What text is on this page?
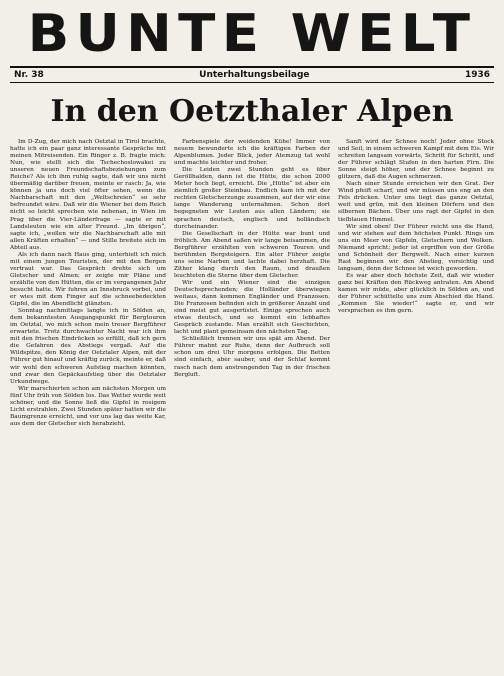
BUNTE WELT
Nr. 38	Unterhaltungsbeilage	1936
In den Oetzthaler Alpen

Im D-Zug, der mich nach Oetztal in Tirol brachte, hatte ich ein paar ganz interessante Gespräche mit meinen Mitreisenden. Ein Ringer z. B. fragte mich: Nun, wie stellt sich die Tschechoslowakei zu unseren neuen Freundschaftsbeziehungen zum Reiche? Als ich ihm ruhig sagte, daß wir uns nicht übermäßig darüber freuen, meinte er rasch: Ja, wie können ja uns doch viel öfter sehen, wenn die Nachbarschaft mit den „Weltschreien“ so sehr befreundet wäre. Daß wir die Wiener bei dem Reich nicht so leicht sprechen wie nebenan, in Wien im Prag über die Vier-Länderfrage — sagte er mit Landsleuten wie ein alter Freund. „Im übrigen“, sagte ich, „wollen wir die Nachbarschaft alle mit allen Kräften erhalten“ — und Stille breitete sich im Abteil aus.

Als ich dann nach Haus ging, unterhielt ich mich mit einem jungen Touristen, der mit den Bergen vertraut war. Das Gespräch drehte sich um Gletscher und Almen; er zeigte mir Pläne und erzählte von den Hütten, die er im vergangenen Jahr besucht hatte. Wir fuhren an Innsbruck vorbei, und er wies mit dem Finger auf die schneebedeckten Gipfel, die im Abendlicht glänzten.

Sonntag nachmittags langte ich in Sölden an, dem bekanntesten Ausgangspunkt für Bergtouren im Oetztal, wo mich schon mein treuer Bergführer erwartete. Trotz durchwachter Nacht war ich ihm mit den frischen Eindrücken so erfüllt, daß ich gern die Gefahren des Abstiegs vergaß. Auf die Wildspitze, den König der Oetztaler Alpen, mit der Führer gut hinauf und kräftig zurück, meinte er, daß wir wohl den schweren Aufstieg machen könnten, und zwar den Gepäckaufstieg über die Oetztaler Urkundwege.

Wir marschierten schon am nächsten Morgen um fünf Uhr früh von Sölden los. Das Wetter wurde weit schöner, und die Sonne ließ die Gipfel in rosigem Licht erstrahlen. Zwei Stunden später hatten wir die Baumgrenze erreicht, und vor uns lag das weite Kar, aus dem der Gletscher sich herabzieht.

Farbenspiele der weidenden Kühe! Immer von neuem bewunderte ich die kräftigen Farben der Alpenblumen. Jeder Blick, jeder Atemzug tat wohl und machte leichter und froher.

Die Leiden zwei Stunden geht es über Geröllhalden, dann ist die Hütte, die schon 2000 Meter hoch liegt, erreicht. Die „Hütte“ ist aber ein ziemlich großer Steinbau. Endlich kam ich mit der rechten Gletscherzunge zusammen, auf der wir eine lange Wanderung unternahmen. Schon dort begegneten wir Leuten aus allen Ländern; sie sprachen deutsch, englisch und holländisch durcheinander.

Die Gesellschaft in der Hütte war bunt und fröhlich. Am Abend saßen wir lange beisammen, die Bergführer erzählten von schweren Touren und berühmten Bergsteigern. Ein alter Führer zeigte uns seine Narben und lachte dabei herzhaft. Die Zither klang durch den Raum, und draußen leuchteten die Sterne über dem Gletscher.

Wir und ein Wiener sind die einzigen Deutschsprechenden; die Holländer überwiegen weitaus, dann kommen Engländer und Franzosen. Die Franzosen befinden sich in größerer Anzahl und sind meist gut ausgerüstet. Einige sprechen auch etwas deutsch, und so kommt ein lebhaftes Gespräch zustande. Man erzählt sich Geschichten, lacht und plant gemeinsam den nächsten Tag.

Schließlich trennen wir uns spät am Abend. Der Führer mahnt zur Ruhe, denn der Aufbruch soll schon um drei Uhr morgens erfolgen. Die Betten sind einfach, aber sauber, und der Schlaf kommt rasch nach dem anstrengenden Tag in der frischen Bergluft.

Sanft wird der Schnee noch! Jeder ohne Stock und Seil, in einem schweren Kampf mit dem Eis. Wir schreiten langsam vorwärts, Schritt für Schritt, und der Führer schlägt Stufen in den harten Firn. Die Sonne steigt höher, und der Schnee beginnt zu glitzern, daß die Augen schmerzen.

Nach einer Stunde erreichen wir den Grat. Der Wind pfeift scharf, und wir müssen uns eng an den Fels drücken. Unter uns liegt das ganze Oetztal, weit und grün, mit den kleinen Dörfern und den silbernen Bächen. Über uns ragt der Gipfel in den tiefblauen Himmel.

Wir sind oben! Der Führer reicht uns die Hand, und wir stehen auf dem höchsten Punkt. Rings um uns ein Meer von Gipfeln, Gletschern und Wolken. Niemand spricht; jeder ist ergriffen von der Größe und Schönheit der Bergwelt. Nach einer kurzen Rast beginnen wir den Abstieg, vorsichtig und langsam, denn der Schnee ist weich geworden.

Es war aber doch höchste Zeit, daß wir wieder ganz bei Kräften den Rückweg antraten. Am Abend kamen wir müde, aber glücklich in Sölden an, und der Führer schüttelte uns zum Abschied die Hand. „Kommen Sie wieder!“ sagte er, und wir versprachen es ihm gern.
